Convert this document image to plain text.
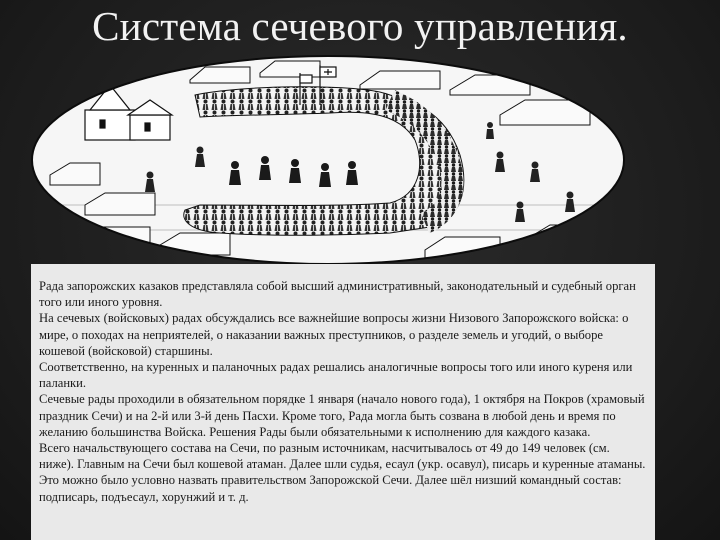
Система сечевого управления.

Рада запорожских казаков представляла собой высший административный, законодательный и судебный орган того или иного уровня.

На сечевых (войсковых) радах обсуждались все важнейшие вопросы жизни Низового Запорожского войска: о мире, о походах на неприятелей, о наказании важных преступников, о разделе земель и угодий, о выборе кошевой (войсковой) старшины.

Соответственно, на куренных и паланочных радах решались аналогичные вопросы того или иного куреня или паланки.

Сечевые рады проходили в обязательном порядке 1 января (начало нового года), 1 октября на Покров (храмовый праздник Сечи) и на 2-й или 3-й день Пасхи. Кроме того, Рада могла быть созвана в любой день и время по желанию большинства Войска. Решения Рады были обязательными к исполнению для каждого казака.

Всего начальствующего состава на Сечи, по разным источникам, насчитывалось от 49 до 149 человек (см. ниже). Главным на Сечи был кошевой атаман. Далее шли судья, есаул (укр. осавул), писарь и куренные атаманы. Это можно было условно назвать правительством Запорожской Сечи. Далее шёл низший командный состав: подписарь, подъесаул, хорунжий и т. д.
